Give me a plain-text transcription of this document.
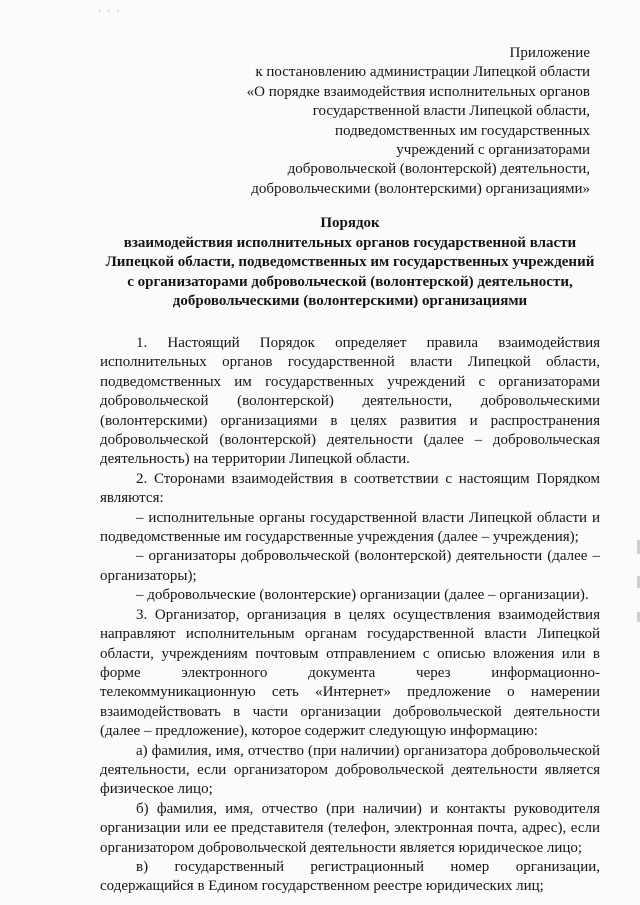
· · ·
Приложение
к постановлению администрации Липецкой области
«О порядке взаимодействия исполнительных органов
государственной власти Липецкой области,
подведомственных им государственных
учреждений с организаторами
добровольческой (волонтерской) деятельности,
добровольческими (волонтерскими) организациями»
Порядок
взаимодействия исполнительных органов государственной власти
Липецкой области, подведомственных им государственных учреждений
с организаторами добровольческой (волонтерской) деятельности,
добровольческими (волонтерскими) организациями

1. Настоящий Порядок определяет правила взаимодействия исполнительных органов государственной власти Липецкой области, подведомственных им государственных учреждений с организаторами добровольческой (волонтерской) деятельности, добровольческими (волонтерскими) организациями в целях развития и распространения добровольческой (волонтерской) деятельности (далее – добровольческая деятельность) на территории Липецкой области.

2. Сторонами взаимодействия в соответствии с настоящим Порядком являются:

– исполнительные органы государственной власти Липецкой области и подведомственные им государственные учреждения (далее – учреждения);

– организаторы добровольческой (волонтерской) деятельности (далее – организаторы);

– добровольческие (волонтерские) организации (далее – организации).

3. Организатор, организация в целях осуществления взаимодействия направляют исполнительным органам государственной власти Липецкой области, учреждениям почтовым отправлением с описью вложения или в форме электронного документа через информационно-телекоммуникационную сеть «Интернет» предложение о намерении взаимодействовать в части организации добровольческой деятельности (далее – предложение), которое содержит следующую информацию:

а) фамилия, имя, отчество (при наличии) организатора добровольческой деятельности, если организатором добровольческой деятельности является физическое лицо;

б) фамилия, имя, отчество (при наличии) и контакты руководителя организации или ее представителя (телефон, электронная почта, адрес), если организатором добровольческой деятельности является юридическое лицо;

в) государственный регистрационный номер организации, содержащийся в Едином государственном реестре юридических лиц;
